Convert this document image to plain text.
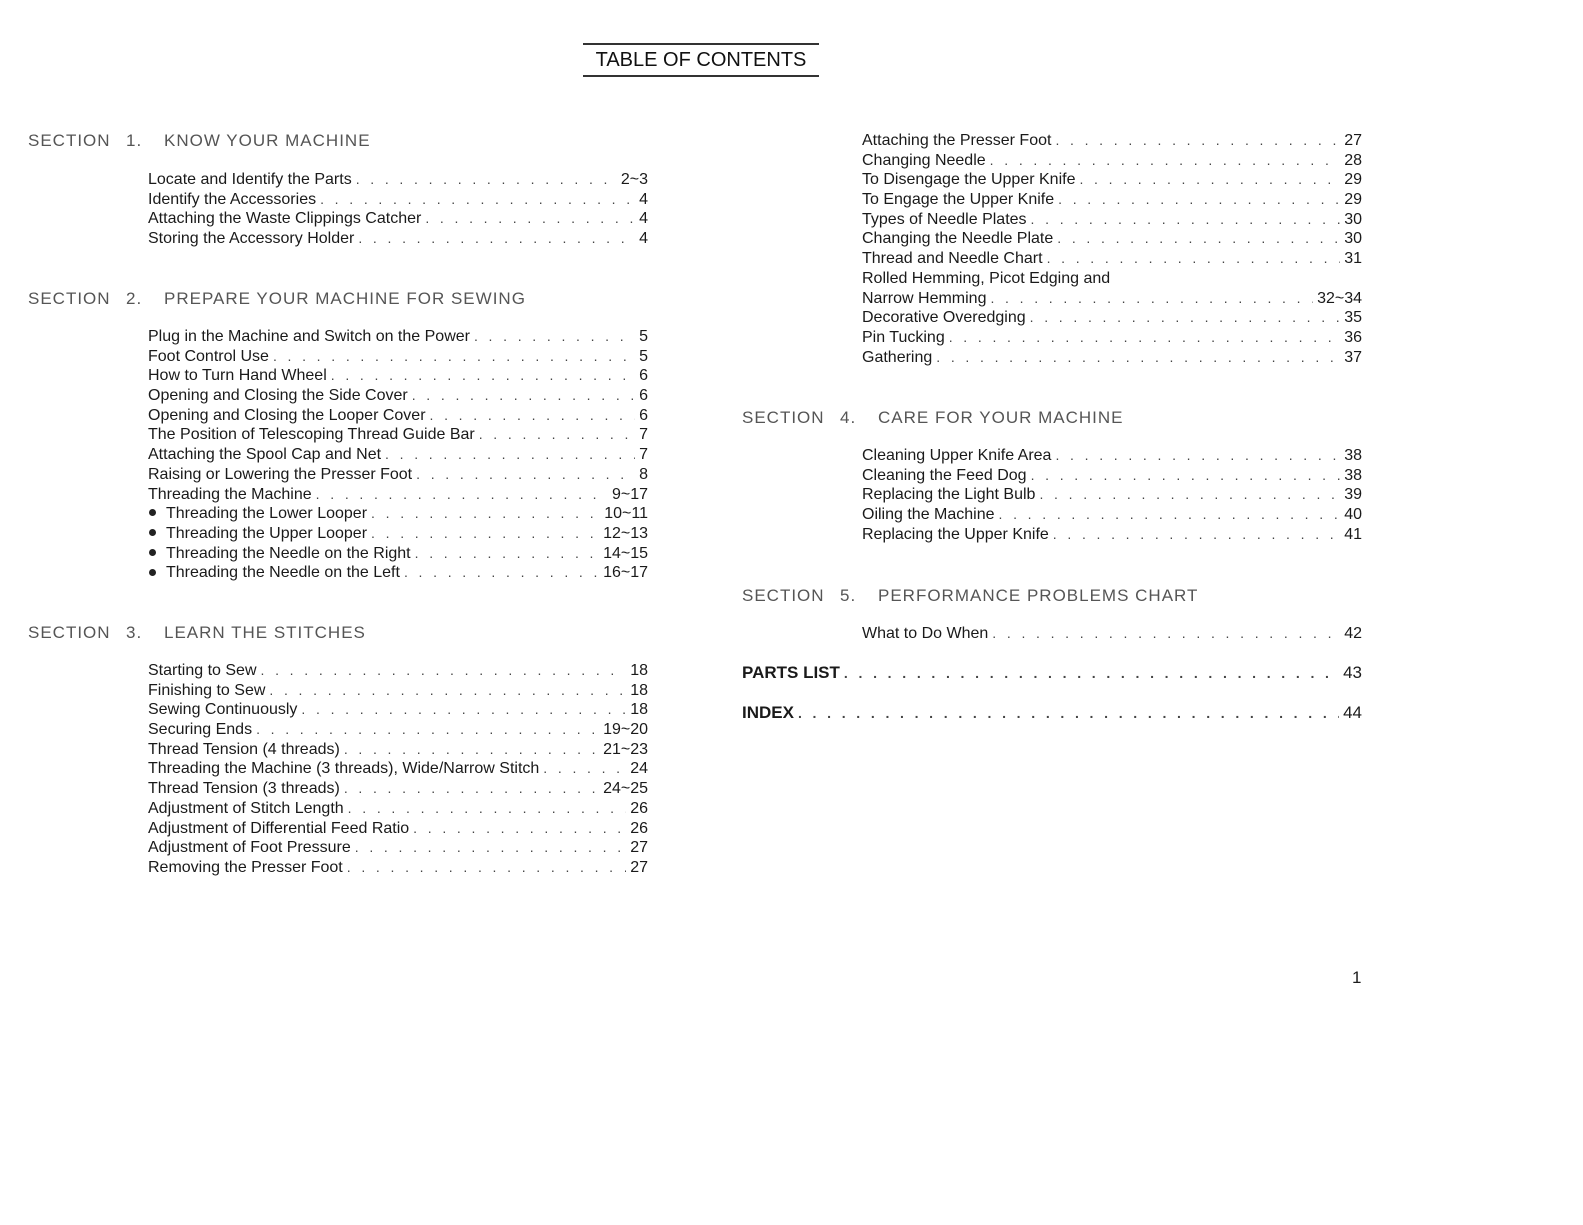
TABLE OF CONTENTS
SECTION 1. KNOW YOUR MACHINE
Locate and Identify the Parts . . .	2~3
Identify the Accessories . . .	4
Attaching the Waste Clippings Catcher . . .	4
Storing the Accessory Holder . . .	4
SECTION 2. PREPARE YOUR MACHINE FOR SEWING
Plug in the Machine and Switch on the Power . . .	5
Foot Control Use . . .	5
How to Turn Hand Wheel . . .	6
Opening and Closing the Side Cover . . .	6
Opening and Closing the Looper Cover . . .	6
The Position of Telescoping Thread Guide Bar . . .	7
Attaching the Spool Cap and Net . . .	7
Raising or Lowering the Presser Foot . . .	8
Threading the Machine . . .	9~17
Threading the Lower Looper . . .	10~11
Threading the Upper Looper . . .	12~13
Threading the Needle on the Right . . .	14~15
Threading the Needle on the Left . . .	16~17
SECTION 3. LEARN THE STITCHES
Starting to Sew . . .	18
Finishing to Sew . . .	18
Sewing Continuously . . .	18
Securing Ends . . .	19~20
Thread Tension (4 threads) . . .	21~23
Threading the Machine (3 threads), Wide/Narrow Stitch . . .	24
Thread Tension (3 threads) . . .	24~25
Adjustment of Stitch Length . . .	26
Adjustment of Differential Feed Ratio . . .	26
Adjustment of Foot Pressure . . .	27
Removing the Presser Foot . . .	27
Attaching the Presser Foot . . .	27
Changing Needle . . .	28
To Disengage the Upper Knife . . .	29
To Engage the Upper Knife . . .	29
Types of Needle Plates . . .	30
Changing the Needle Plate . . .	30
Thread and Needle Chart . . .	31
Rolled Hemming, Picot Edging and
Narrow Hemming . . .	32~34
Decorative Overedging . . .	35
Pin Tucking . . .	36
Gathering . . .	37
SECTION 4. CARE FOR YOUR MACHINE
Cleaning Upper Knife Area . . .	38
Cleaning the Feed Dog . . .	38
Replacing the Light Bulb . . .	39
Oiling the Machine . . .	40
Replacing the Upper Knife . . .	41
SECTION 5. PERFORMANCE PROBLEMS CHART
What to Do When . . .	42
PARTS LIST . . .	43
INDEX . . .	44
1
